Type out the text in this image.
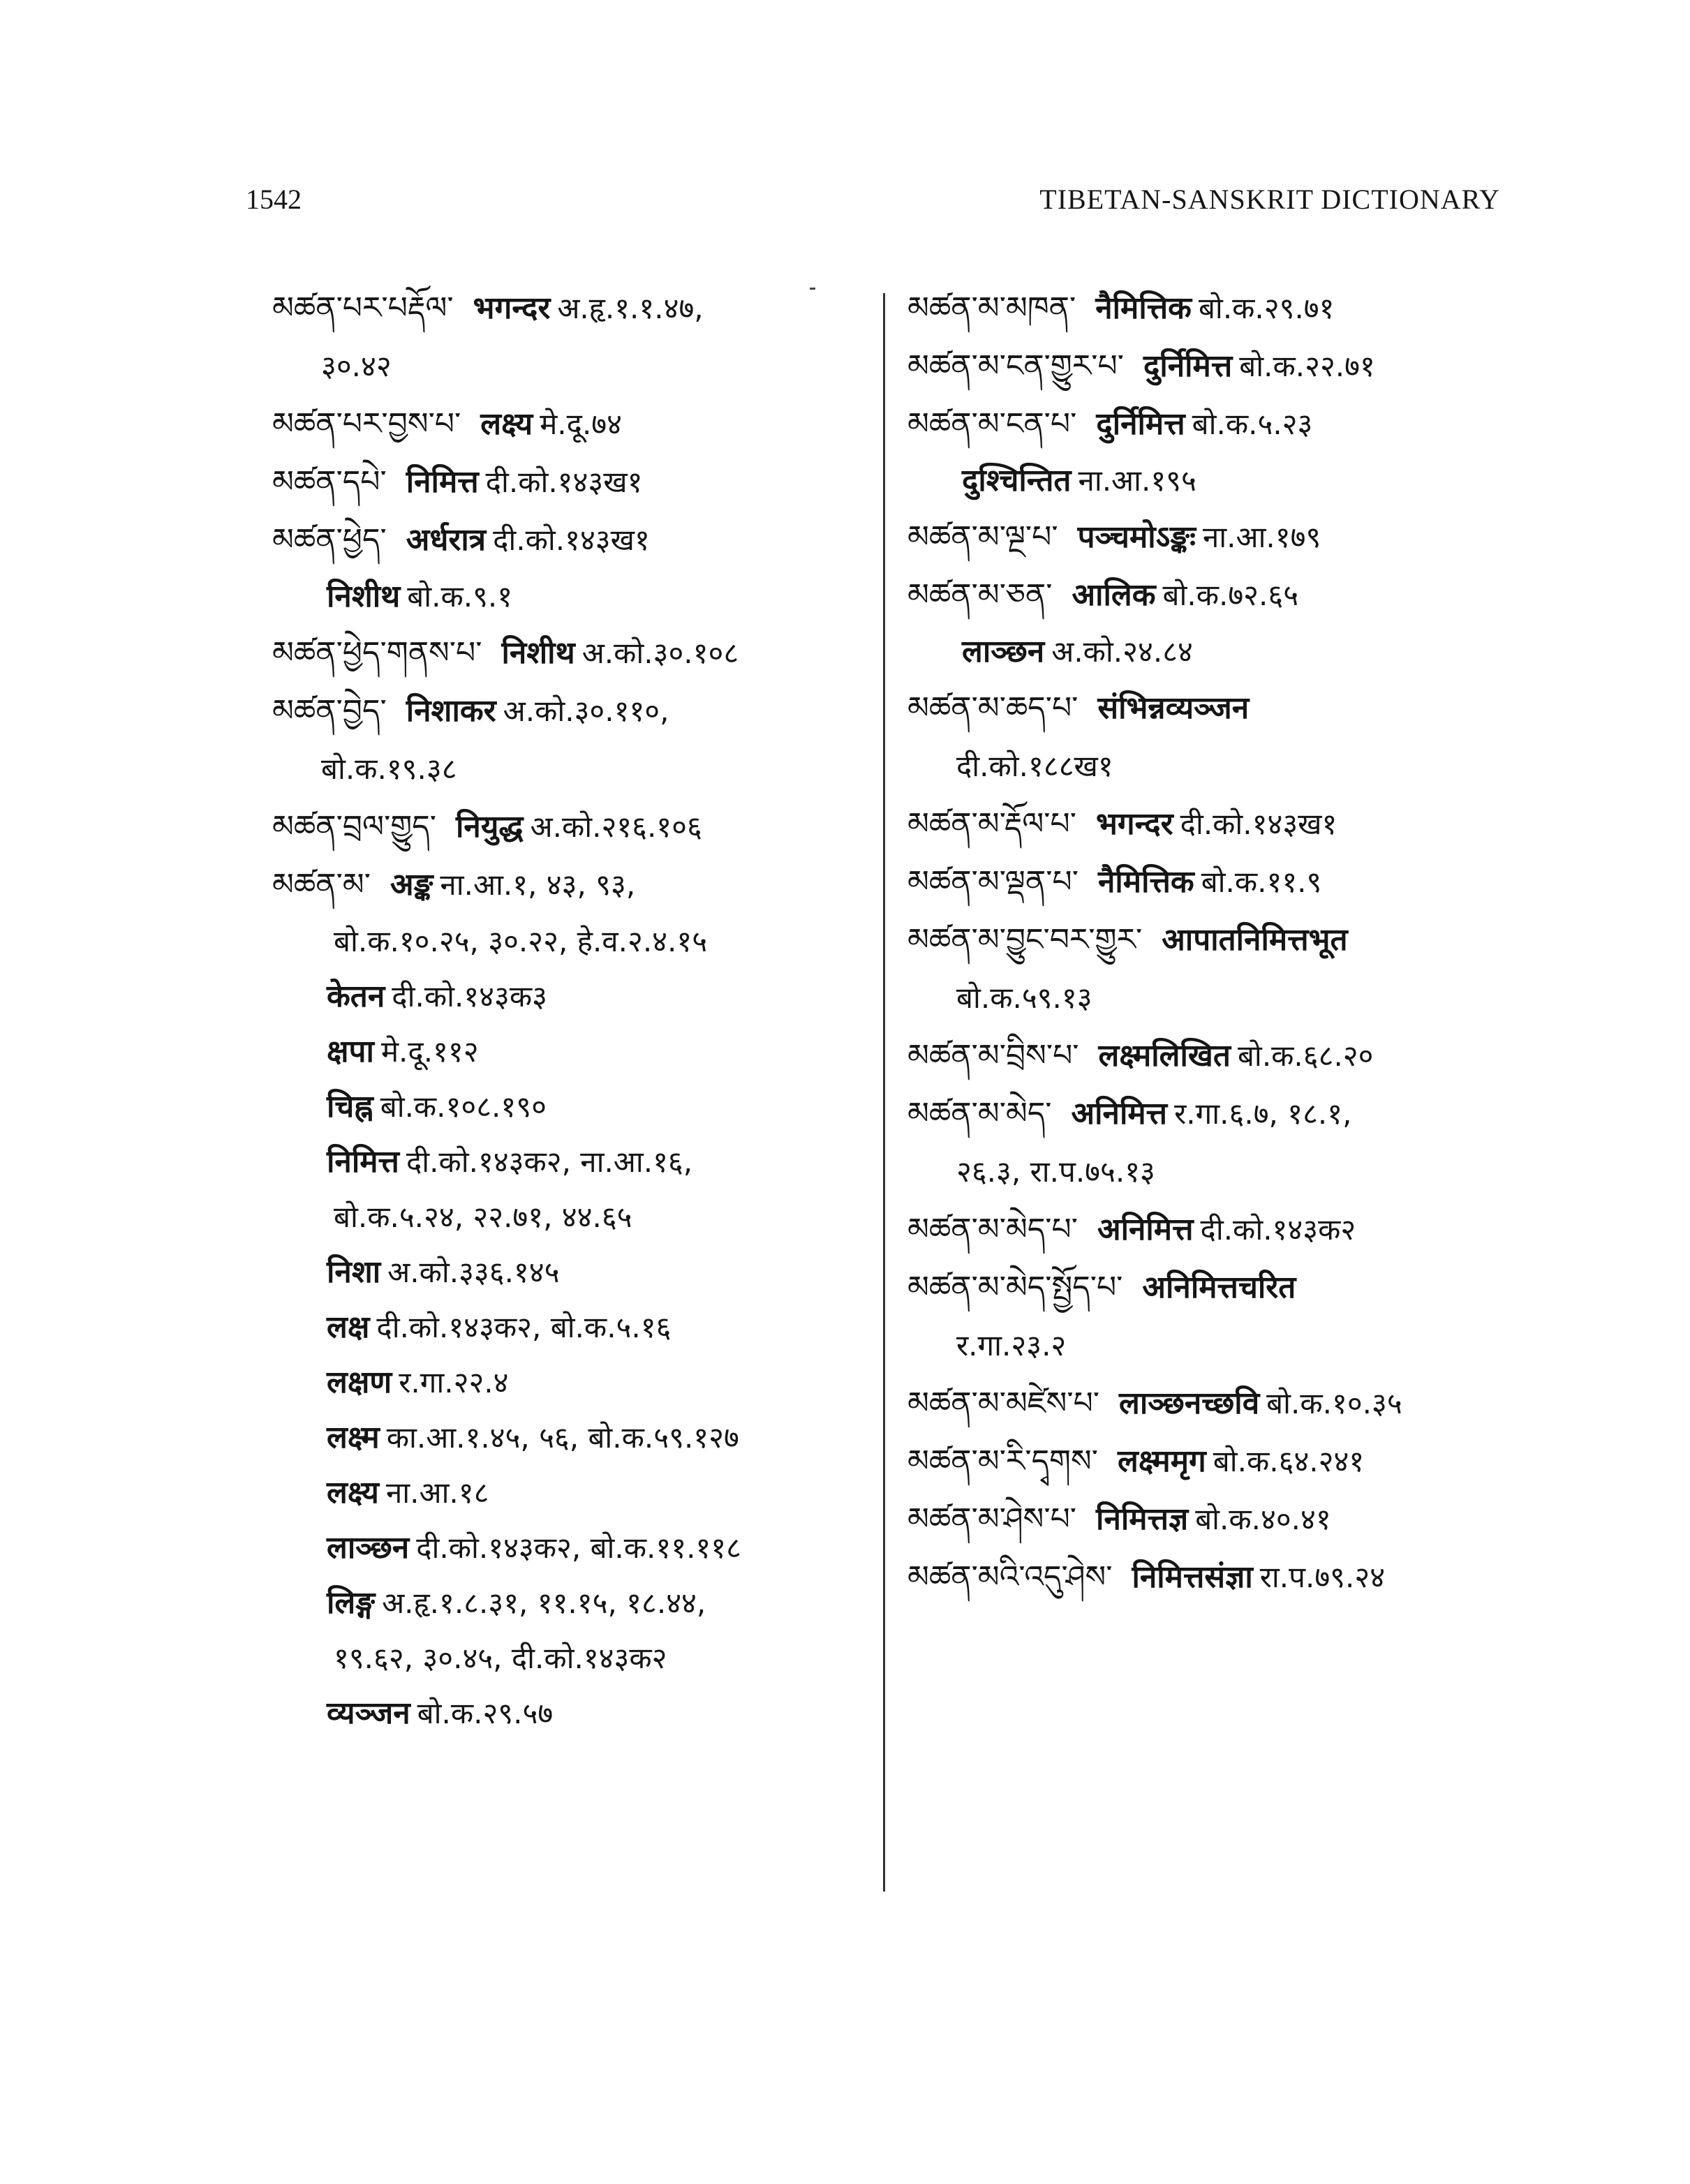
1542	TIBETAN-SANSKRIT DICTIONARY
མཚན་པར་པརྡོལ་ भगन्दर अ.हृ.१.१.४७,
३०.४२
མཚན་པར་བྱས་པ་ लक्ष्य मे.दू.७४
མཚན་དཔེ་ निमित्त दी.को.१४३ख१
མཚན་ཕྱེད་ अर्धरात्र दी.को.१४३ख१
निशीथ बो.क.९.१
མཚན་ཕྱེད་གནས་པ་ निशीथ अ.को.३०.१०८
མཚན་བྱེད་ निशाकर अ.को.३०.११०,
बो.क.१९.३८
མཚན་བྲལ་གྱུད་ नियुद्ध अ.को.२१६.१०६
མཚན་མ་ अङ्क ना.आ.१, ४३, ९३,
बो.क.१०.२५, ३०.२२, हे.व.२.४.१५
केतन दी.को.१४३क३
क्षपा मे.दू.११२
चिह्न बो.क.१०८.१९०
निमित्त दी.को.१४३क२, ना.आ.१६,
बो.क.५.२४, २२.७१, ४४.६५
निशा अ.को.३३६.१४५
लक्ष दी.को.१४३क२, बो.क.५.१६
लक्षण र.गा.२२.४
लक्ष्म का.आ.१.४५, ५६, बो.क.५९.१२७
लक्ष्य ना.आ.१८
लाञ्छन दी.को.१४३क२, बो.क.११.११८
लिङ्ग अ.हृ.१.८.३१, ११.१५, १८.४४,
१९.६२, ३०.४५, दी.को.१४३क२
व्यञ्जन बो.क.२९.५७
མཚན་མ་མཁན་ नैमित्तिक बो.क.२९.७१
མཚན་མ་ངན་གྱུར་པ་ दुर्निमित्त बो.क.२२.७१
མཚན་མ་ངན་པ་ दुर्निमित्त बो.क.५.२३
दुश्चिन्तित ना.आ.१९५
མཚན་མ་ལྔ་པ་ पञ्चमोऽङ्कः ना.आ.१७९
མཚན་མ་ཅན་ आलिक बो.क.७२.६५
लाञ्छन अ.को.२४.८४
མཚན་མ་ཆད་པ་ संभिन्नव्यञ्जन
दी.को.१८८ख१
མཚན་མ་རྡོལ་པ་ भगन्दर दी.को.१४३ख१
མཚན་མ་ལྡན་པ་ नैमित्तिक बो.क.११.९
མཚན་མ་བྱུང་བར་གྱུར་ आपातनिमित्तभूत
बो.क.५९.१३
མཚན་མ་བྲིས་པ་ लक्ष्मलिखित बो.क.६८.२०
མཚན་མ་མེད་ अनिमित्त र.गा.६.७, १८.१,
२६.३, रा.प.७५.१३
མཚན་མ་མེད་པ་ अनिमित्त दी.को.१४३क२
མཚན་མ་མེད་སྤྱོད་པ་ अनिमित्तचरित
र.गा.२३.२
མཚན་མ་མཛེས་པ་ लाञ्छनच्छवि बो.क.१०.३५
མཚན་མ་རི་དྭགས་ लक्ष्ममृग बो.क.६४.२४१
མཚན་མ་ཤེས་པ་ निमित्तज्ञ बो.क.४०.४१
མཚན་མའི་འདུ་ཤེས་ निमित्तसंज्ञा रा.प.७९.२४
